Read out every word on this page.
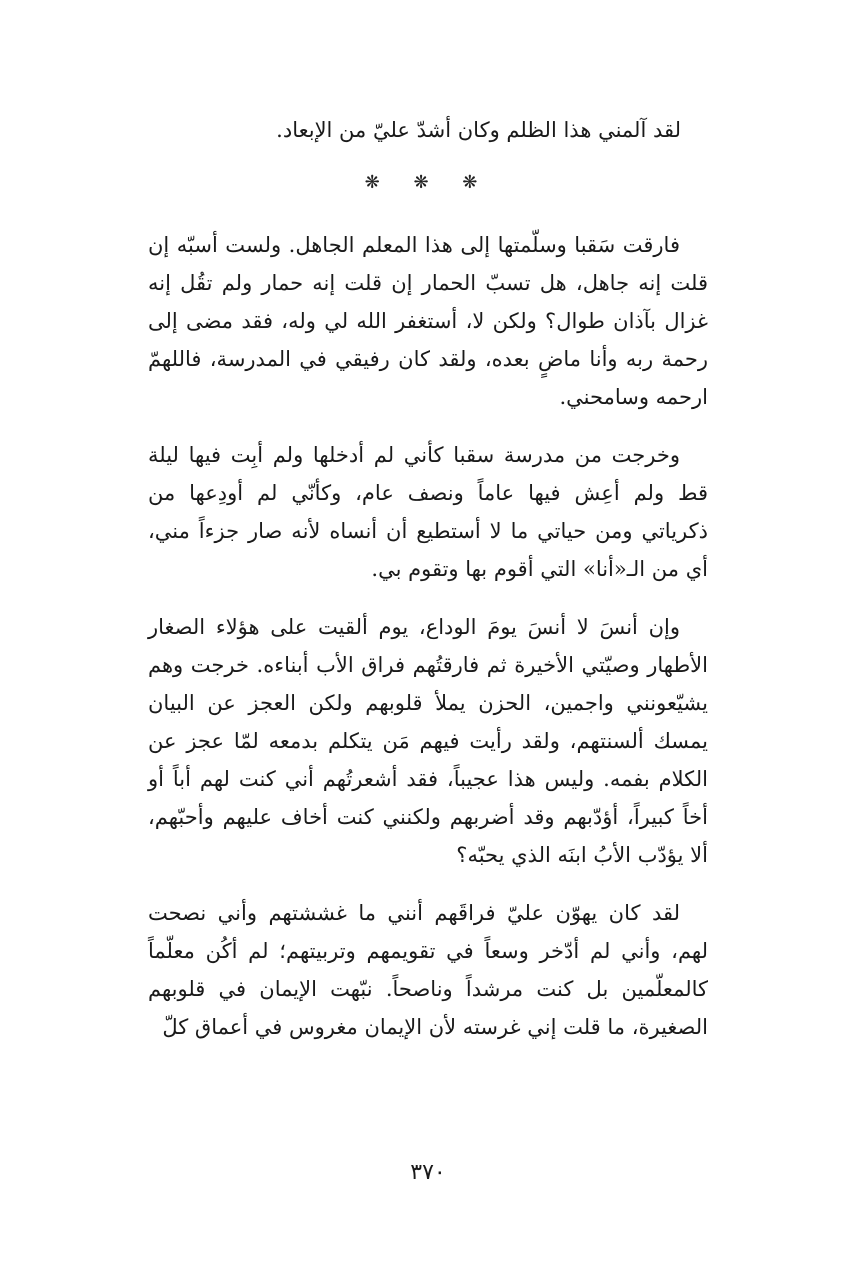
لقد آلمني هذا الظلم وكان أشدّ عليّ من الإبعاد.

❋ ❋ ❋

فارقت سَقبا وسلّمتها إلى هذا المعلم الجاهل. ولست أسبّه إن قلت إنه جاهل، هل تسبّ الحمار إن قلت إنه حمار ولم تقُل إنه غزال بآذان طوال؟ ولكن لا، أستغفر الله لي وله، فقد مضى إلى رحمة ربه وأنا ماضٍ بعده، ولقد كان رفيقي في المدرسة، فاللهمّ ارحمه وسامحني.

وخرجت من مدرسة سقبا كأني لم أدخلها ولم أبِت فيها ليلة قط ولم أعِش فيها عاماً ونصف عام، وكأنّي لم أودِعها من ذكرياتي ومن حياتي ما لا أستطيع أن أنساه لأنه صار جزءاً مني، أي من الـ«أنا» التي أقوم بها وتقوم بي.

وإن أنسَ لا أنسَ يومَ الوداع، يوم ألقيت على هؤلاء الصغار الأطهار وصيّتي الأخيرة ثم فارقتُهم فراق الأب أبناءه. خرجت وهم يشيّعونني واجمين، الحزن يملأ قلوبهم ولكن العجز عن البيان يمسك ألسنتهم، ولقد رأيت فيهم مَن يتكلم بدمعه لمّا عجز عن الكلام بفمه. وليس هذا عجيباً، فقد أشعرتُهم أني كنت لهم أباً أو أخاً كبيراً، أؤدّبهم وقد أضربهم ولكنني كنت أخاف عليهم وأحبّهم، ألا يؤدّب الأبُ ابنَه الذي يحبّه؟

لقد كان يهوّن عليّ فراقَهم أنني ما غششتهم وأني نصحت لهم، وأني لم أدّخر وسعاً في تقويمهم وتربيتهم؛ لم أكُن معلّماً كالمعلّمين بل كنت مرشداً وناصحاً. نبّهت الإيمان في قلوبهم الصغيرة، ما قلت إني غرسته لأن الإيمان مغروس في أعماق كلّ

٣٧٠
